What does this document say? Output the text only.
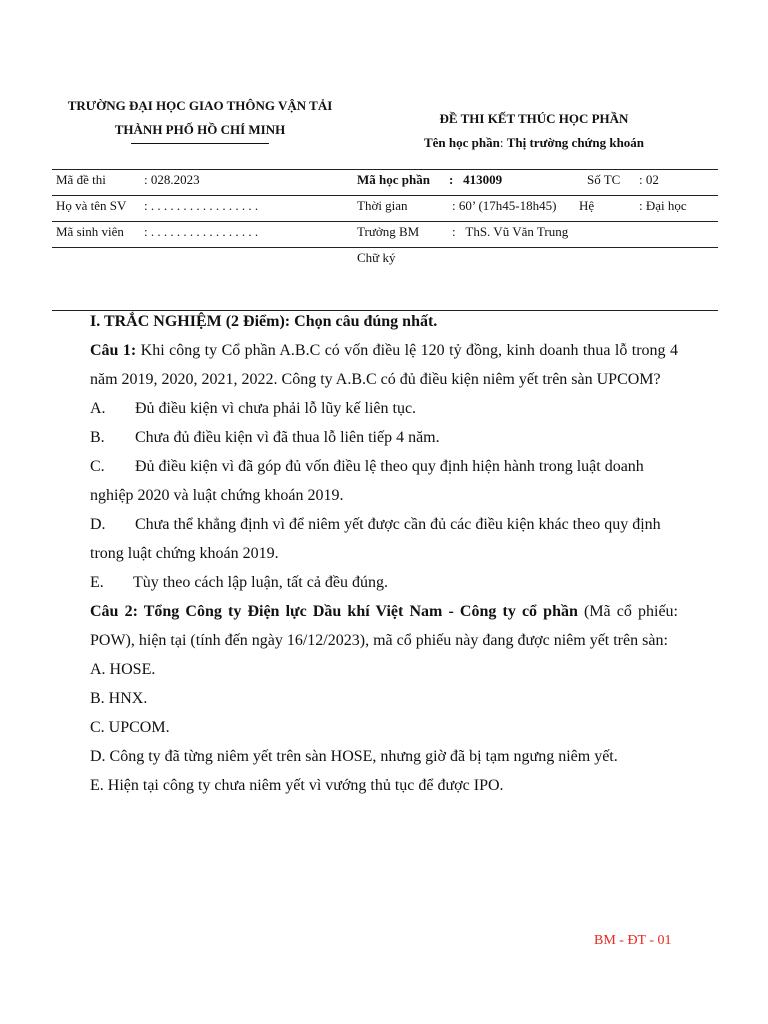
TRƯỜNG ĐẠI HỌC GIAO THÔNG VẬN TẢI
THÀNH PHỐ HỒ CHÍ MINH
ĐỀ THI KẾT THÚC HỌC PHẦN
Tên học phần: Thị trường chứng khoán
Mã đề thi	: 028.2023	Mã học phần : 413009	Số TC : 02
Họ và tên SV : . . . . . . . . . . . . . . . . .	Thời gian	: 60’ (17h45-18h45) Hệ	: Đại học
Mã sinh viên : . . . . . . . . . . . . . . . . .	Trưởng BM	: ThS. Vũ Văn Trung
Chữ ký

I. TRẮC NGHIỆM (2 Điểm): Chọn câu đúng nhất.

Câu 1: Khi công ty Cổ phần A.B.C có vốn điều lệ 120 tỷ đồng, kinh doanh thua lỗ trong 4 năm 2019, 2020, 2021, 2022. Công ty A.B.C có đủ điều kiện niêm yết trên sàn UPCOM?

A. Đủ điều kiện vì chưa phải lỗ lũy kế liên tục.

B. Chưa đủ điều kiện vì đã thua lỗ liên tiếp 4 năm.

C. Đủ điều kiện vì đã góp đủ vốn điều lệ theo quy định hiện hành trong luật doanh nghiệp 2020 và luật chứng khoán 2019.

D. Chưa thể khẳng định vì để niêm yết được cần đủ các điều kiện khác theo quy định trong luật chứng khoán 2019.

E. Tùy theo cách lập luận, tất cả đều đúng.

Câu 2: Tổng Công ty Điện lực Dầu khí Việt Nam - Công ty cổ phần (Mã cổ phiếu: POW), hiện tại (tính đến ngày 16/12/2023), mã cổ phiếu này đang được niêm yết trên sàn:

A. HOSE.

B. HNX.

C. UPCOM.

D. Công ty đã từng niêm yết trên sàn HOSE, nhưng giờ đã bị tạm ngưng niêm yết.

E. Hiện tại công ty chưa niêm yết vì vướng thủ tục để được IPO.

BM - ĐT - 01
